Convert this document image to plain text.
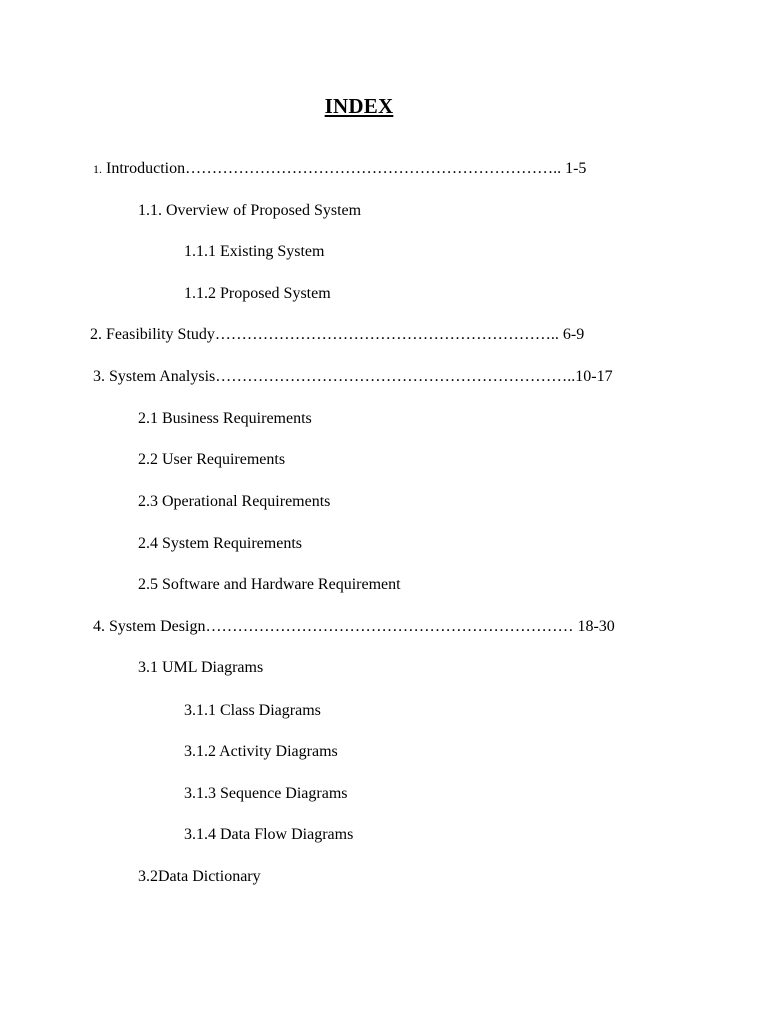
INDEX
1. Introduction…………………………………………………………….. 1-5
1.1. Overview of Proposed System
1.1.1 Existing System
1.1.2 Proposed System
2. Feasibility Study……………………………………………………….. 6-9
3. System Analysis…………………………………………………………..10-17
2.1 Business Requirements
2.2 User Requirements
2.3 Operational Requirements
2.4 System Requirements
2.5 Software and Hardware Requirement
4. System Design…………………………………………………………… 18-30
3.1 UML Diagrams
3.1.1 Class Diagrams
3.1.2 Activity Diagrams
3.1.3 Sequence Diagrams
3.1.4 Data Flow Diagrams
3.2Data Dictionary
